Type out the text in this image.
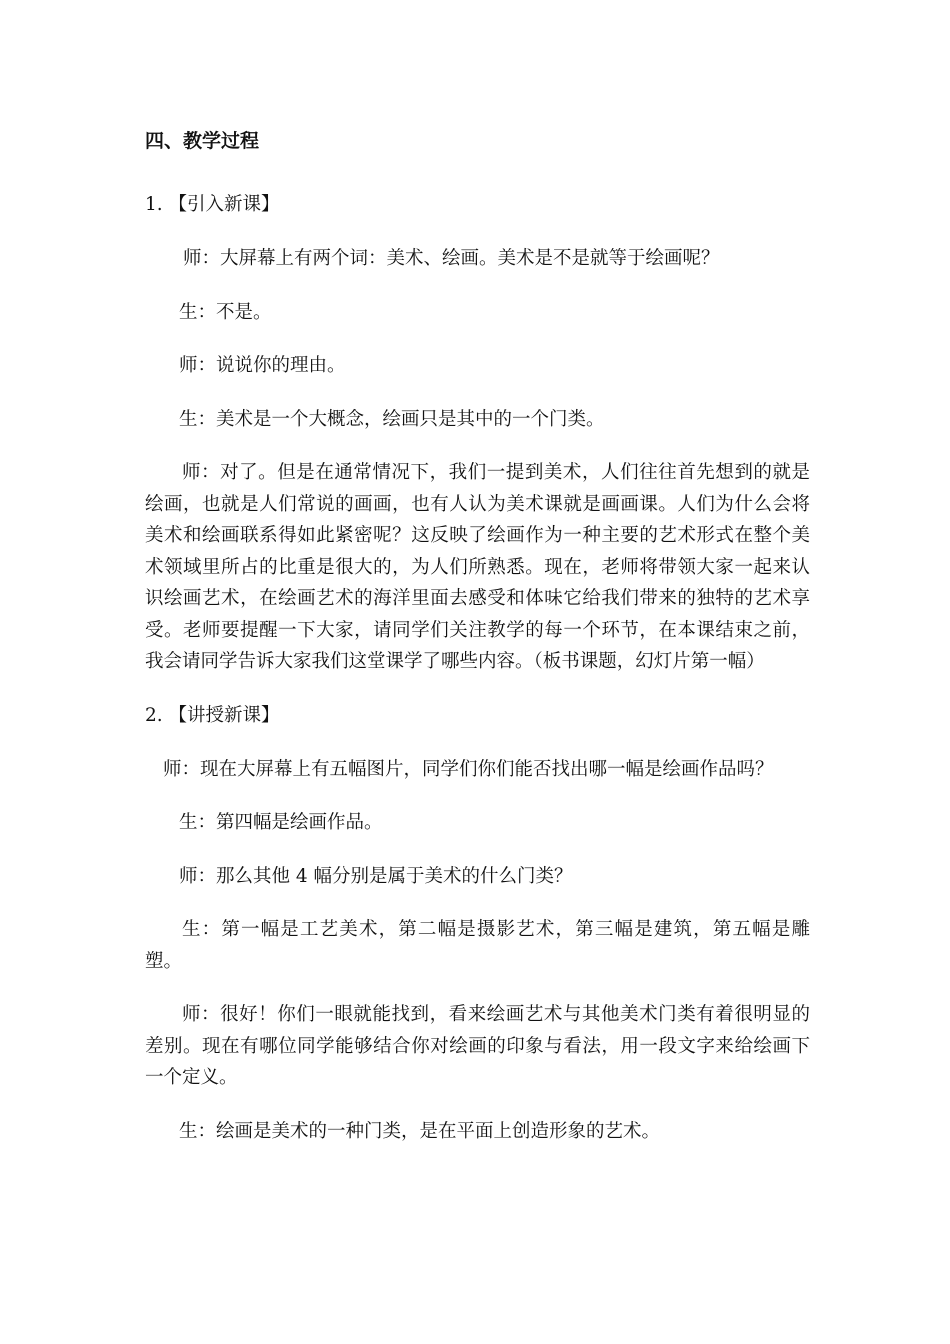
四、教学过程
1. 【引入新课】
师：大屏幕上有两个词：美术、绘画。美术是不是就等于绘画呢？
生：不是。
师：说说你的理由。
生：美术是一个大概念，绘画只是其中的一个门类。
师：对了。但是在通常情况下，我们一提到美术，人们往往首先想到的就是绘画，也就是人们常说的画画，也有人认为美术课就是画画课。人们为什么会将美术和绘画联系得如此紧密呢？这反映了绘画作为一种主要的艺术形式在整个美术领域里所占的比重是很大的，为人们所熟悉。现在，老师将带领大家一起来认识绘画艺术，在绘画艺术的海洋里面去感受和体味它给我们带来的独特的艺术享受。老师要提醒一下大家，请同学们关注教学的每一个环节，在本课结束之前，我会请同学告诉大家我们这堂课学了哪些内容。（板书课题，幻灯片第一幅）
2. 【讲授新课】
师：现在大屏幕上有五幅图片，同学们你们能否找出哪一幅是绘画作品吗？
生：第四幅是绘画作品。
师：那么其他 4 幅分别是属于美术的什么门类？
生：第一幅是工艺美术，第二幅是摄影艺术，第三幅是建筑，第五幅是雕塑。
师：很好！你们一眼就能找到，看来绘画艺术与其他美术门类有着很明显的差别。现在有哪位同学能够结合你对绘画的印象与看法，用一段文字来给绘画下一个定义。
生：绘画是美术的一种门类，是在平面上创造形象的艺术。
